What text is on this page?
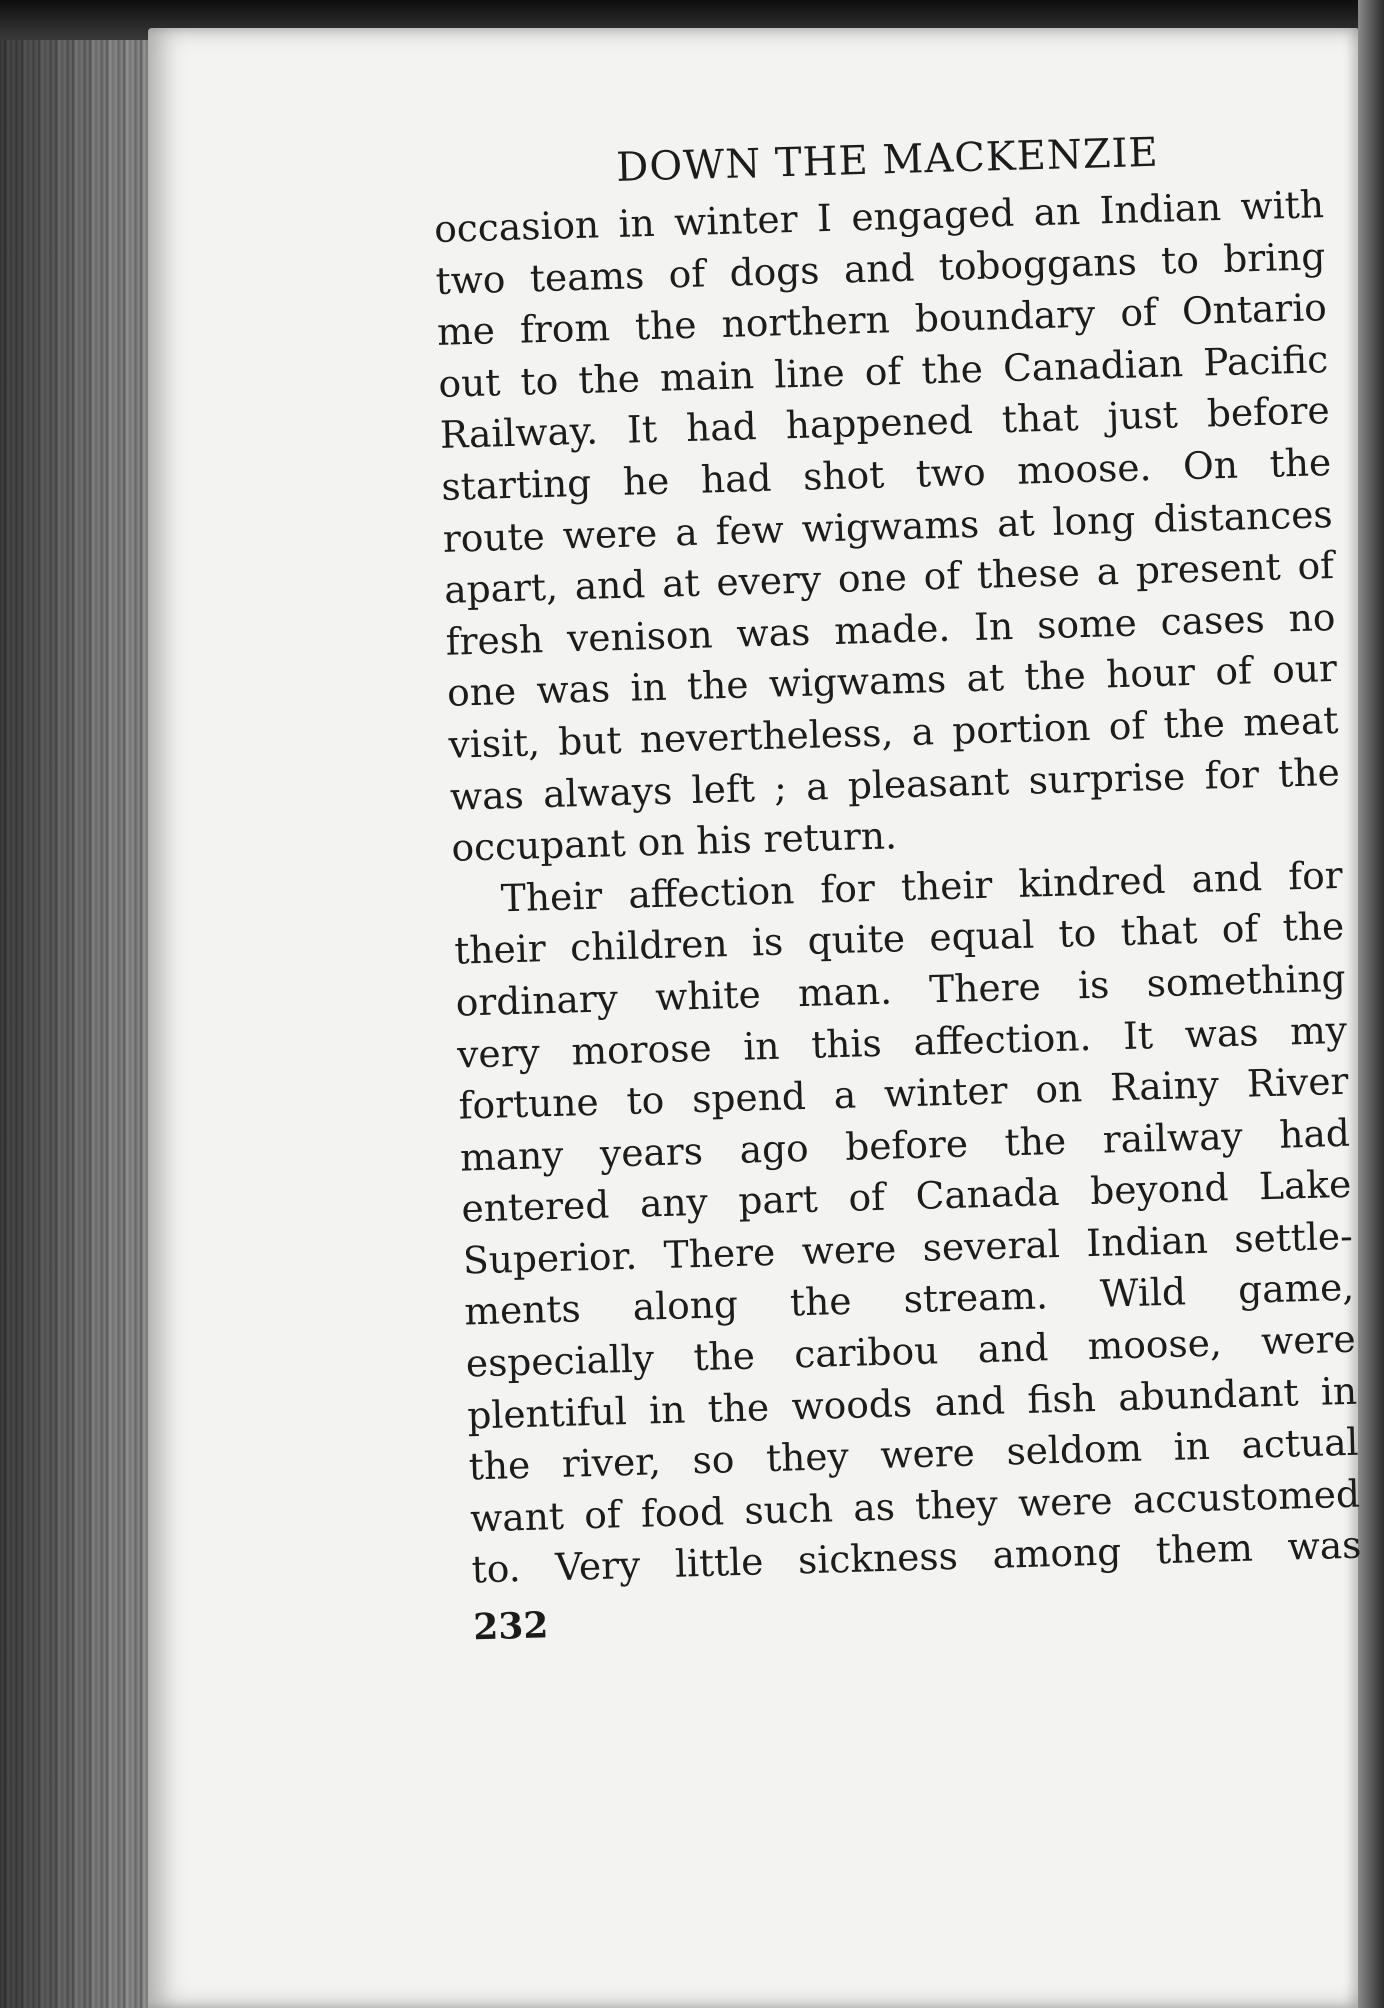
DOWN THE MACKENZIE

occasion in winter I engaged an Indian with
two teams of dogs and toboggans to bring
me from the northern boundary of Ontario
out to the main line of the Canadian Pacific
Railway. It had happened that just before
starting he had shot two moose. On the
route were a few wigwams at long distances
apart, and at every one of these a present of
fresh venison was made. In some cases no
one was in the wigwams at the hour of our
visit, but nevertheless, a portion of the meat
was always left ; a pleasant surprise for the
occupant on his return.

Their affection for their kindred and for
their children is quite equal to that of the
ordinary white man. There is something
very morose in this affection. It was my
fortune to spend a winter on Rainy River
many years ago before the railway had
entered any part of Canada beyond Lake
Superior. There were several Indian settle-
ments along the stream. Wild game,
especially the caribou and moose, were
plentiful in the woods and fish abundant in
the river, so they were seldom in actual
want of food such as they were accustomed
to. Very little sickness among them was

232
